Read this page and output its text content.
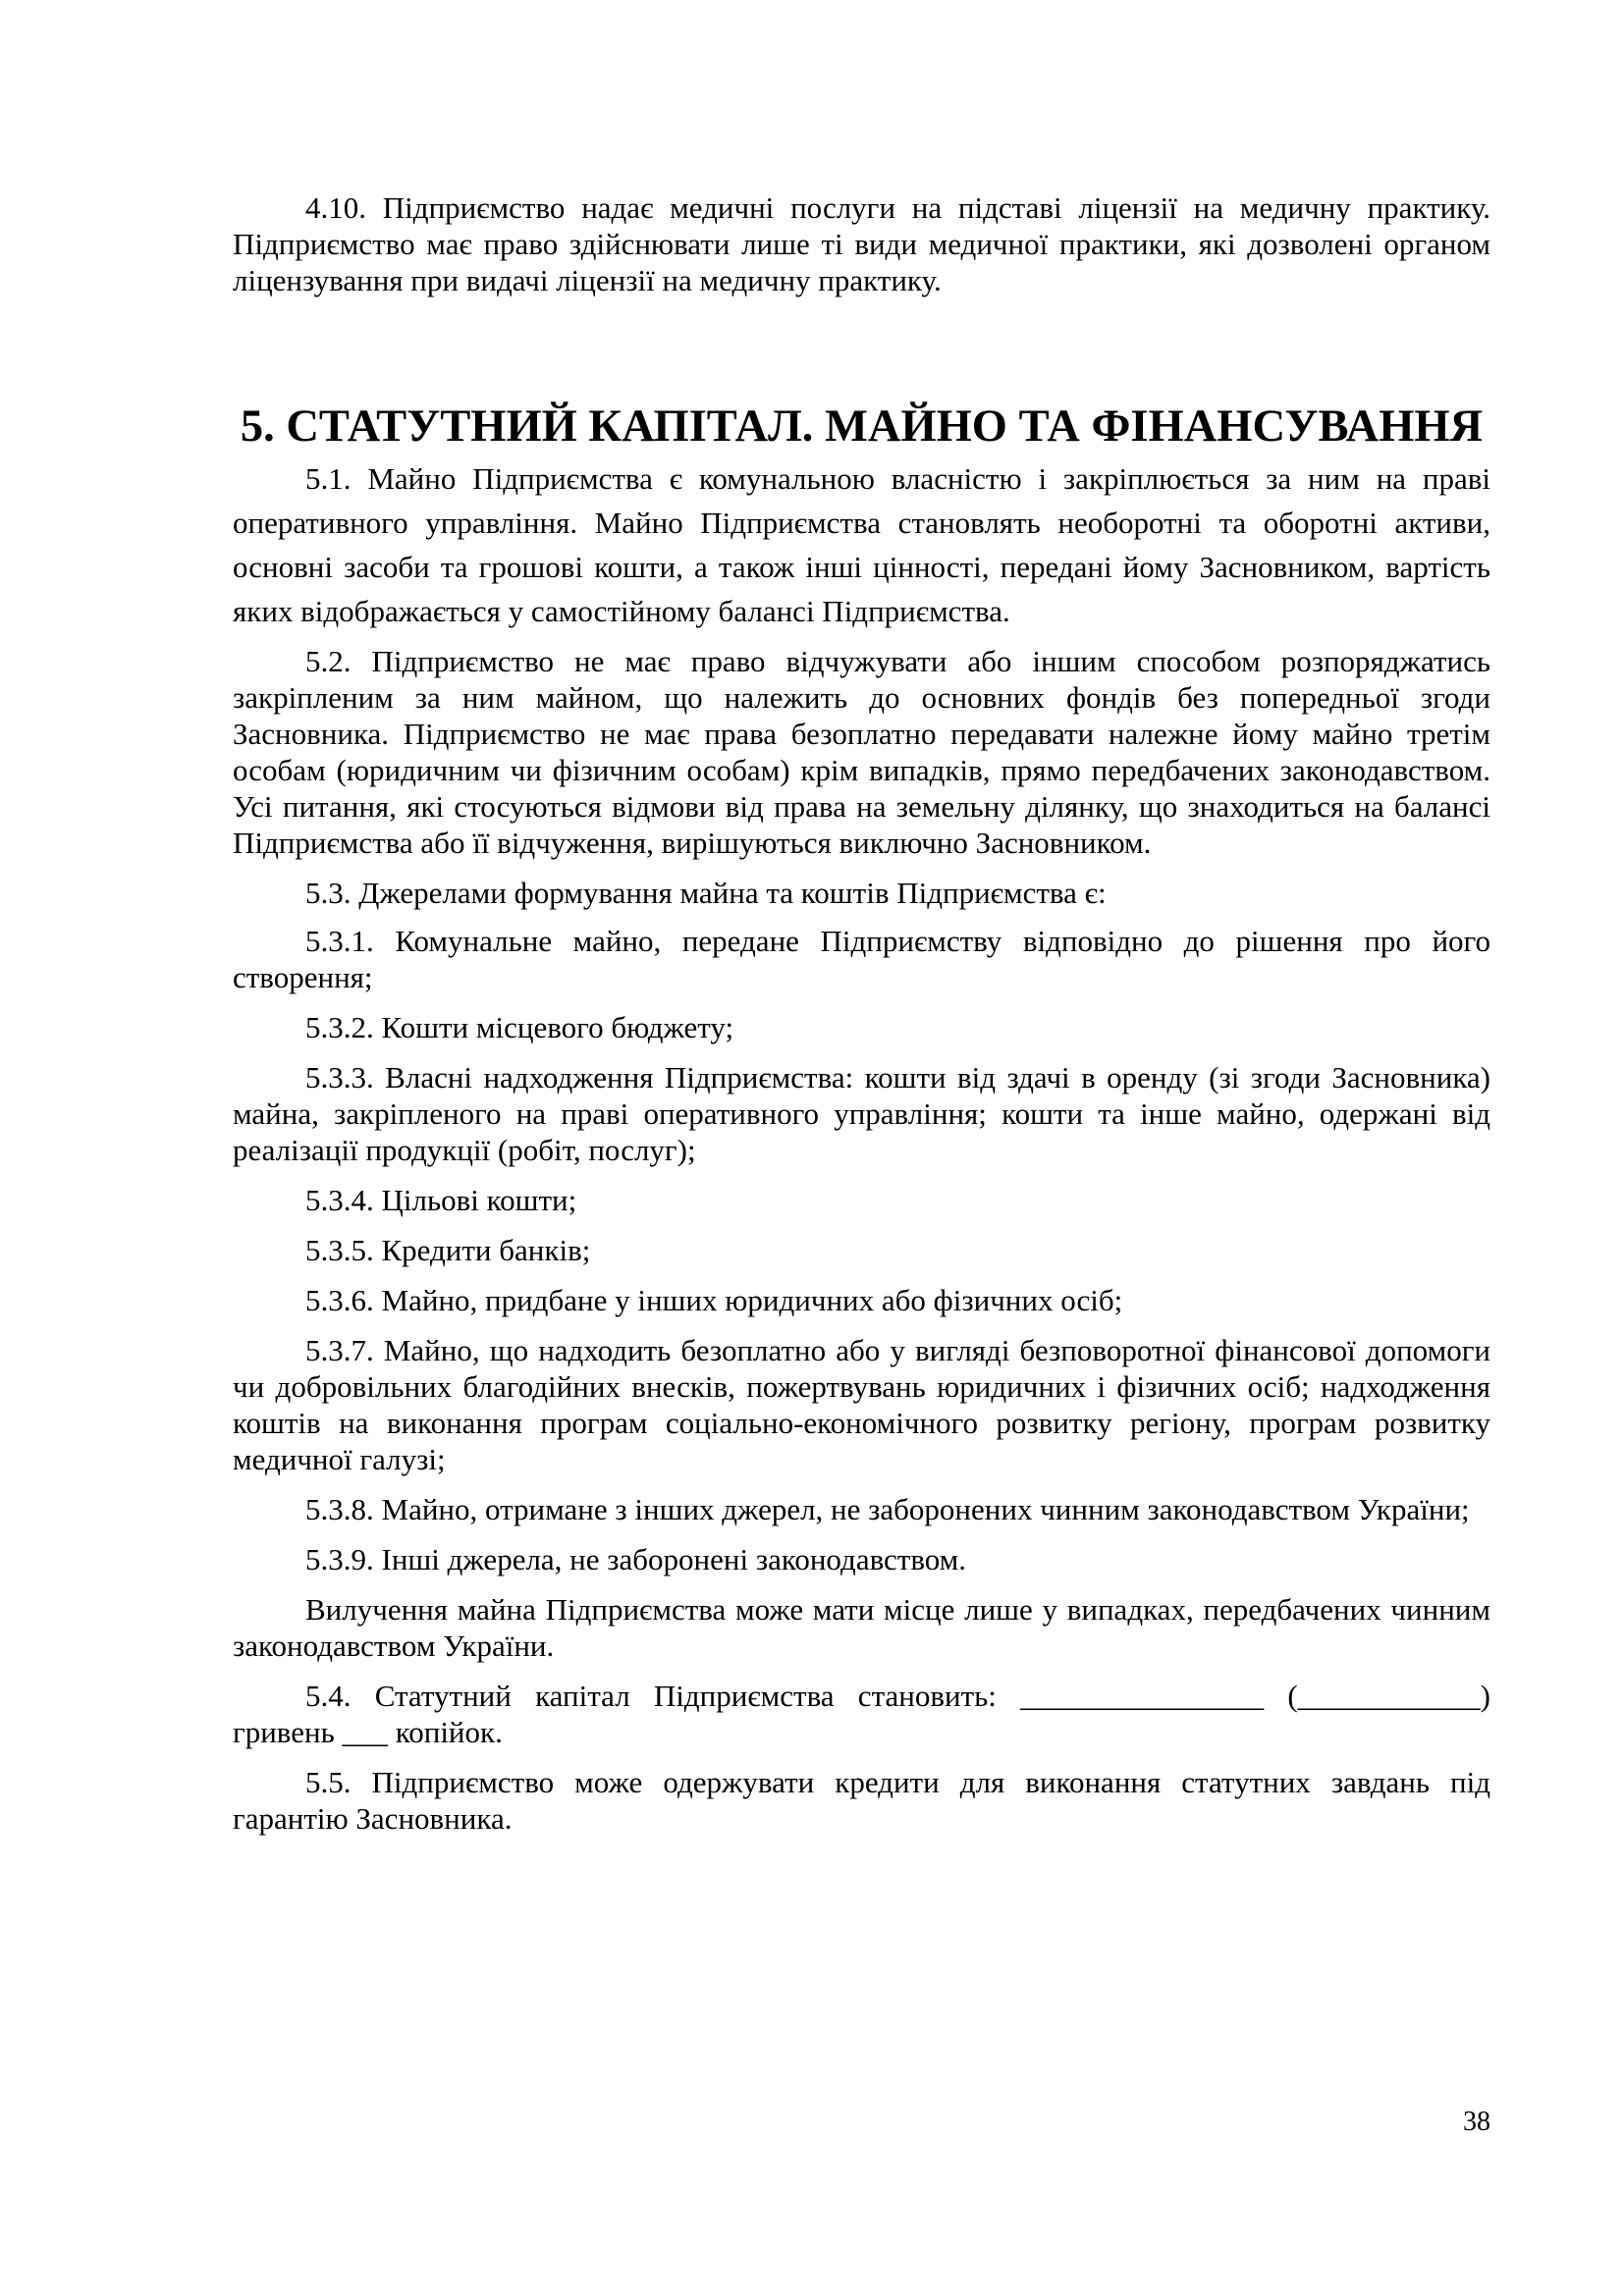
4.10. Підприємство надає медичні послуги на підставі ліцензії на медичну практику. Підприємство має право здійснювати лише ті види медичної практики, які дозволені органом ліцензування при видачі ліцензії на медичну практику.

5. СТАТУТНИЙ КАПІТАЛ. МАЙНО ТА ФІНАНСУВАННЯ

5.1. Майно Підприємства є комунальною власністю і закріплюється за ним на праві оперативного управління. Майно Підприємства становлять необоротні та оборотні активи, основні засоби та грошові кошти, а також інші цінності, передані йому Засновником, вартість яких відображається у самостійному балансі Підприємства.

5.2. Підприємство не має право відчужувати або іншим способом розпоряджатись закріпленим за ним майном, що належить до основних фондів без попередньої згоди Засновника. Підприємство не має права безоплатно передавати належне йому майно третім особам (юридичним чи фізичним особам) крім випадків, прямо передбачених законодавством. Усі питання, які стосуються відмови від права на земельну ділянку, що знаходиться на балансі Підприємства або її відчуження, вирішуються виключно Засновником.

5.3. Джерелами формування майна та коштів Підприємства є:

5.3.1. Комунальне майно, передане Підприємству відповідно до рішення про його створення;

5.3.2. Кошти місцевого бюджету;

5.3.3. Власні надходження Підприємства: кошти від здачі в оренду (зі згоди Засновника) майна, закріпленого на праві оперативного управління; кошти та інше майно, одержані від реалізації продукції (робіт, послуг);

5.3.4. Цільові кошти;

5.3.5. Кредити банків;

5.3.6. Майно, придбане у інших юридичних або фізичних осіб;

5.3.7. Майно, що надходить безоплатно або у вигляді безповоротної фінансової допомоги чи добровільних благодійних внесків, пожертвувань юридичних і фізичних осіб; надходження коштів на виконання програм соціально-економічного розвитку регіону, програм розвитку медичної галузі;

5.3.8. Майно, отримане з інших джерел, не заборонених чинним законодавством України;

5.3.9. Інші джерела, не заборонені законодавством.

Вилучення майна Підприємства може мати місце лише у випадках, передбачених чинним законодавством України.

5.4. Статутний капітал Підприємства становить: ________________ (____________) гривень ___ копійок.

5.5. Підприємство може одержувати кредити для виконання статутних завдань під гарантію Засновника.

38
